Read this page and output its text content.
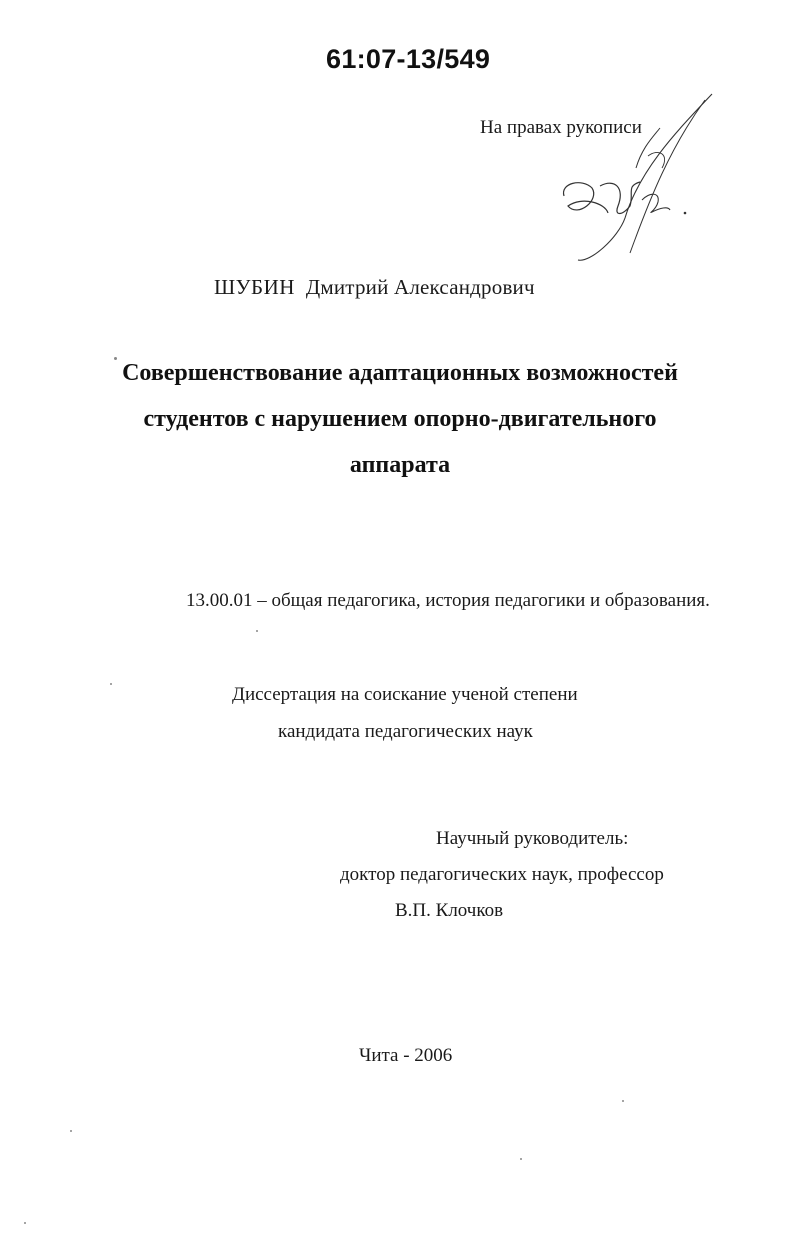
61:07-13/549
На правах рукописи
ШУБИН Дмитрий Александрович
Совершенствование адаптационных возможностей
студентов с нарушением опорно-двигательного
аппарата
13.00.01 – общая педагогика, история педагогики и образования.
Диссертация на соискание ученой степени
кандидата педагогических наук
Научный руководитель:
доктор педагогических наук, профессор
В.П. Клочков
Чита - 2006
